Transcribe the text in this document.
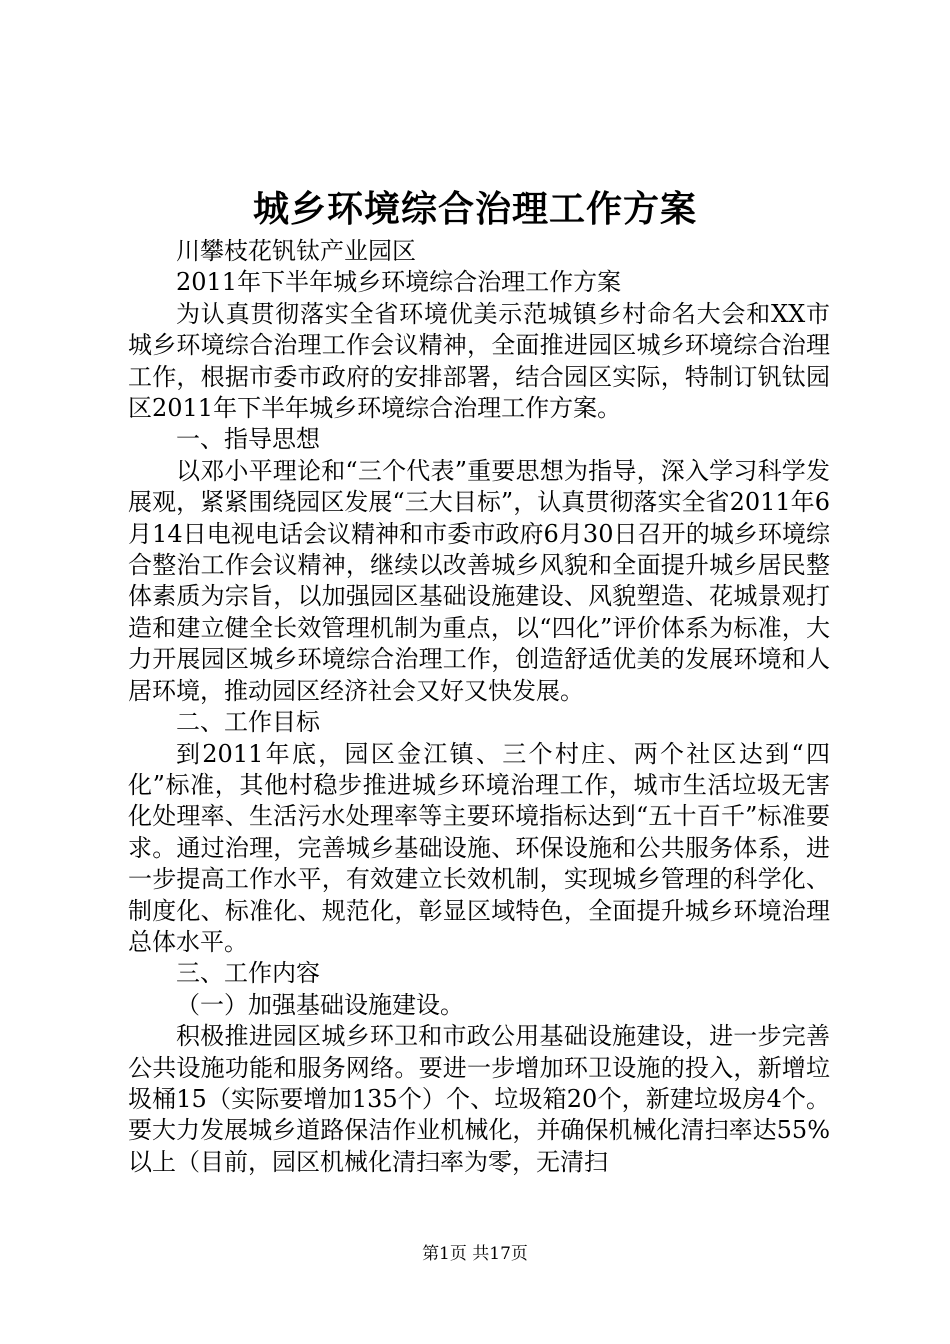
城乡环境综合治理工作方案

川攀枝花钒钛产业园区

2011年下半年城乡环境综合治理工作方案

为认真贯彻落实全省环境优美示范城镇乡村命名大会和XX市城乡环境综合治理工作会议精神，全面推进园区城乡环境综合治理工作，根据市委市政府的安排部署，结合园区实际，特制订钒钛园区2011年下半年城乡环境综合治理工作方案。

一、指导思想

以邓小平理论和“三个代表”重要思想为指导，深入学习科学发展观，紧紧围绕园区发展“三大目标”，认真贯彻落实全省2011年6月14日电视电话会议精神和市委市政府6月30日召开的城乡环境综合整治工作会议精神，继续以改善城乡风貌和全面提升城乡居民整体素质为宗旨，以加强园区基础设施建设、风貌塑造、花城景观打造和建立健全长效管理机制为重点，以“四化”评价体系为标准，大力开展园区城乡环境综合治理工作，创造舒适优美的发展环境和人居环境，推动园区经济社会又好又快发展。

二、工作目标

到2011年底，园区金江镇、三个村庄、两个社区达到“四化”标准，其他村稳步推进城乡环境治理工作，城市生活垃圾无害化处理率、生活污水处理率等主要环境指标达到“五十百千”标准要求。通过治理，完善城乡基础设施、环保设施和公共服务体系，进一步提高工作水平，有效建立长效机制，实现城乡管理的科学化、制度化、标准化、规范化，彰显区域特色，全面提升城乡环境治理总体水平。

三、工作内容

（一）加强基础设施建设。

积极推进园区城乡环卫和市政公用基础设施建设，进一步完善公共设施功能和服务网络。要进一步增加环卫设施的投入，新增垃圾桶15（实际要增加135个）个、垃圾箱20个，新建垃圾房4个。要大力发展城乡道路保洁作业机械化，并确保机械化清扫率达55%以上（目前，园区机械化清扫率为零，无清扫

第1页 共17页
